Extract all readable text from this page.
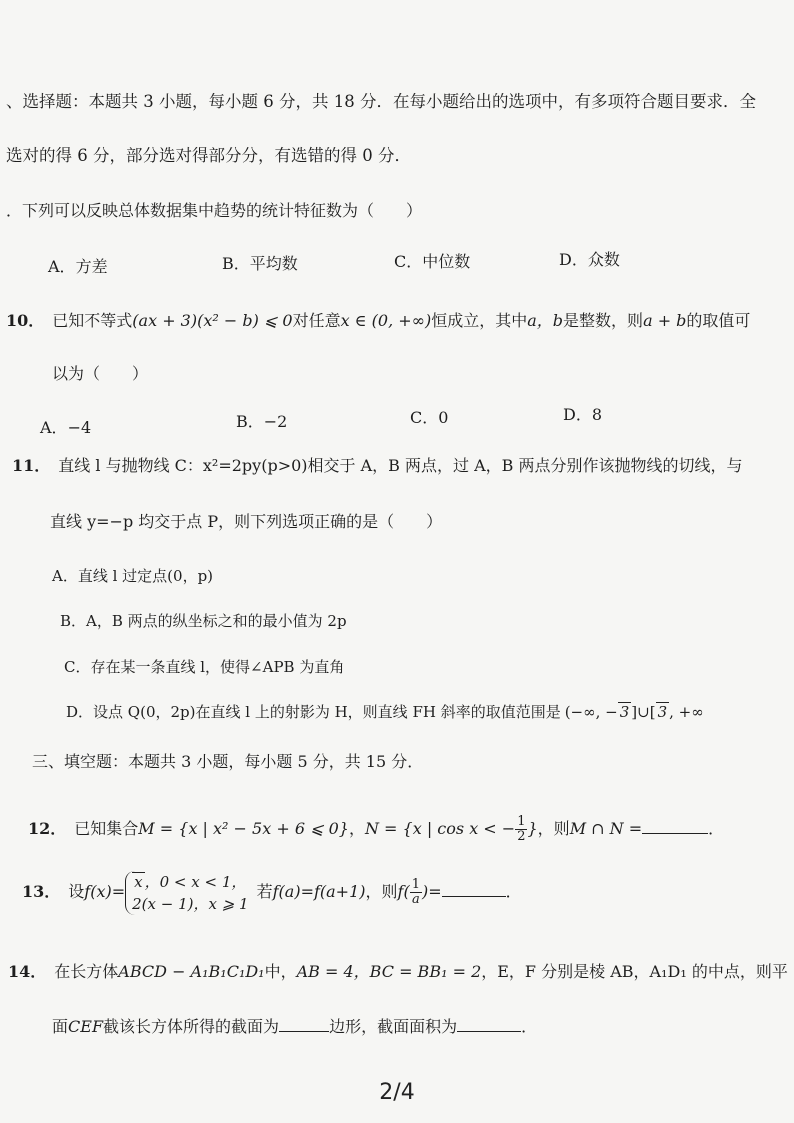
、选择题：本题共 3 小题，每小题 6 分，共 18 分．在每小题给出的选项中，有多项符合题目要求．全
选对的得 6 分，部分选对得部分分，有选错的得 0 分．
．下列可以反映总体数据集中趋势的统计特征数为（　　）
A．方差	B．平均数	C．中位数	D．众数
10． 已知不等式(ax + 3)(x² − b) ⩽ 0对任意x ∈ (0, +∞)恒成立，其中a，b是整数，则a + b的取值可
以为（　　）
A．−4	B．−2	C．0	D．8
11． 直线 l 与抛物线 C：x²=2py(p>0)相交于 A，B 两点，过 A，B 两点分别作该抛物线的切线，与
直线 y=−p 均交于点 P，则下列选项正确的是（　　）
A．直线 l 过定点(0，p)
B．A，B 两点的纵坐标之和的最小值为 2p
C．存在某一条直线 l，使得∠APB 为直角
D．设点 Q(0，2p)在直线 l 上的射影为 H，则直线 FH 斜率的取值范围是 (−∞, − 3 ]∪[ 3 , +∞
三、填空题：本题共 3 小题，每小题 5 分，共 15 分．
12． 已知集合M = {x | x² − 5x + 6 ⩽ 0}，N = {x | cos x < − $\frac{1}{2}$ }，则M ∩ N =	．
13． 设f(x)=
x ，0 < x < 1，
2(x − 1)，x ⩾ 1
若f(a)=f(a+1)，则$f( \frac{1}{a}$ )=	．
14． 在长方体ABCD − A₁B₁C₁D₁中，AB = 4，BC = BB₁ = 2，E，F 分别是棱 AB，A₁D₁ 的中点，则平
面CEF截该长方体所得的截面为	边形，截面面积为	．
2/4
